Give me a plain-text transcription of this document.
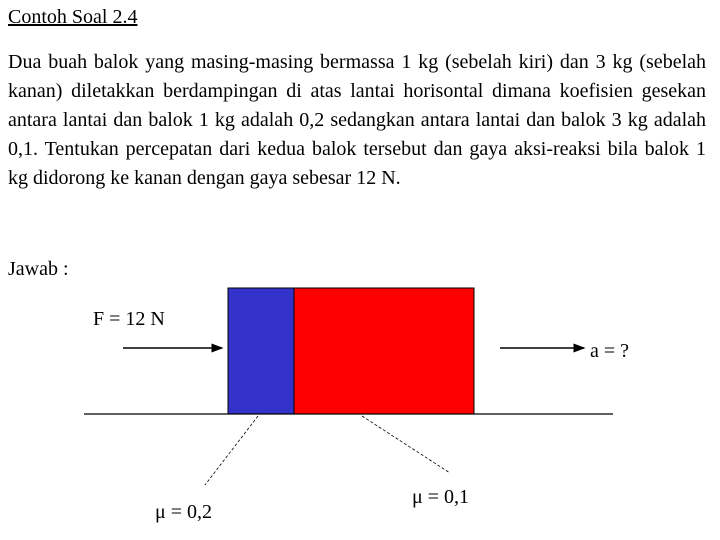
Contoh Soal 2.4
Dua buah balok yang masing-masing bermassa 1 kg (sebelah kiri) dan 3 kg (sebelah kanan) diletakkan berdampingan di atas lantai horisontal dimana koefisien gesekan antara lantai dan balok 1 kg adalah 0,2 sedangkan antara lantai dan balok 3 kg adalah 0,1. Tentukan percepatan dari kedua balok tersebut dan gaya aksi-reaksi bila balok 1 kg didorong ke kanan dengan gaya sebesar 12 N.
Jawab :
F = 12 N
a = ?
μ = 0,2
μ = 0,1
